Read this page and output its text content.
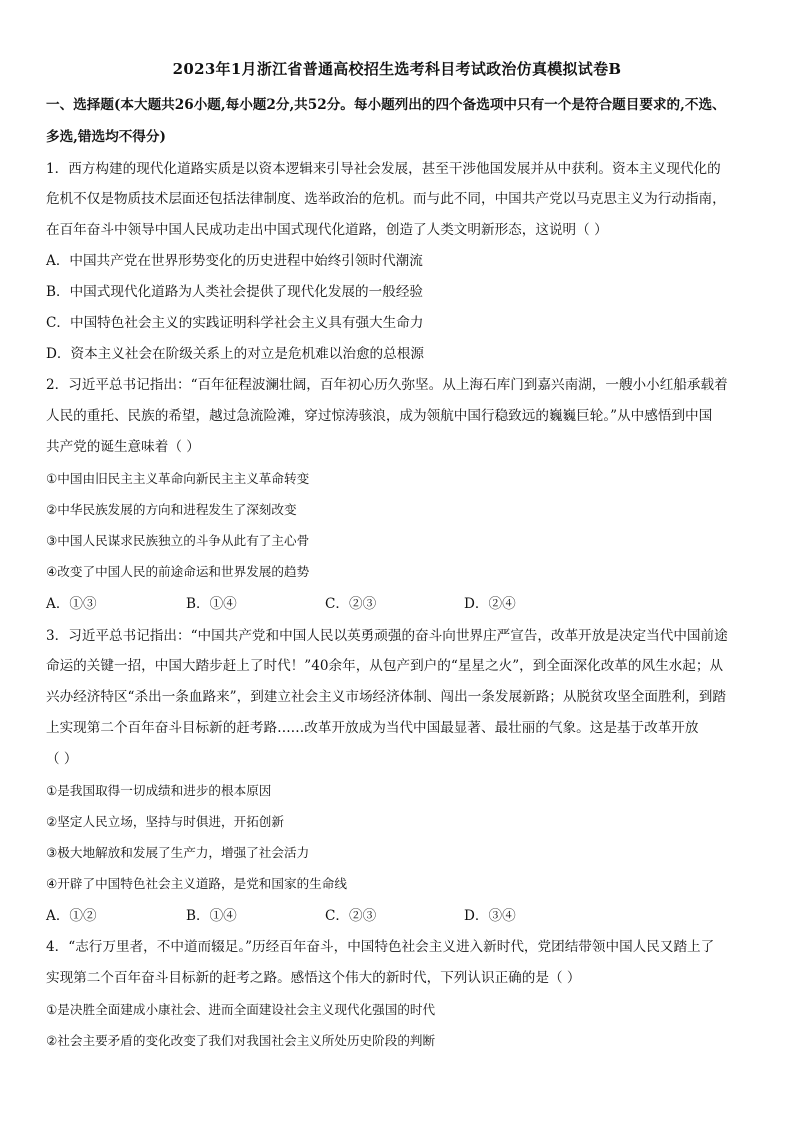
2023年1月浙江省普通高校招生选考科目考试政治仿真模拟试卷B
一、选择题(本大题共26小题,每小题2分,共52分。每小题列出的四个备选项中只有一个是符合题目要求的,不选、
多选,错选均不得分)
1．西方构建的现代化道路实质是以资本逻辑来引导社会发展，甚至干涉他国发展并从中获利。资本主义现代化的
危机不仅是物质技术层面还包括法律制度、选举政治的危机。而与此不同，中国共产党以马克思主义为行动指南，
在百年奋斗中领导中国人民成功走出中国式现代化道路，创造了人类文明新形态，这说明（ ）
A．中国共产党在世界形势变化的历史进程中始终引领时代潮流
B．中国式现代化道路为人类社会提供了现代化发展的一般经验
C．中国特色社会主义的实践证明科学社会主义具有强大生命力
D．资本主义社会在阶级关系上的对立是危机难以治愈的总根源
2．习近平总书记指出：“百年征程波澜壮阔，百年初心历久弥坚。从上海石库门到嘉兴南湖，一艘小小红船承载着
人民的重托、民族的希望，越过急流险滩，穿过惊涛骇浪，成为领航中国行稳致远的巍巍巨轮。”从中感悟到中国
共产党的诞生意味着（ ）
①中国由旧民主主义革命向新民主主义革命转变
②中华民族发展的方向和进程发生了深刻改变
③中国人民谋求民族独立的斗争从此有了主心骨
④改变了中国人民的前途命运和世界发展的趋势
A．①③	B．①④	C．②③	D．②④
3．习近平总书记指出：“中国共产党和中国人民以英勇顽强的奋斗向世界庄严宣告，改革开放是决定当代中国前途
命运的关键一招，中国大踏步赶上了时代！”40余年，从包产到户的“星星之火”，到全面深化改革的风生水起；从
兴办经济特区“杀出一条血路来”，到建立社会主义市场经济体制、闯出一条发展新路；从脱贫攻坚全面胜利，到踏
上实现第二个百年奋斗目标新的赶考路……改革开放成为当代中国最显著、最壮丽的气象。这是基于改革开放
（ ）
①是我国取得一切成绩和进步的根本原因
②坚定人民立场，坚持与时俱进，开拓创新
③极大地解放和发展了生产力，增强了社会活力
④开辟了中国特色社会主义道路，是党和国家的生命线
A．①②	B．①④	C．②③	D．③④
4．“志行万里者，不中道而辍足。”历经百年奋斗，中国特色社会主义进入新时代，党团结带领中国人民又踏上了
实现第二个百年奋斗目标新的赶考之路。感悟这个伟大的新时代，下列认识正确的是（ ）
①是决胜全面建成小康社会、进而全面建设社会主义现代化强国的时代
②社会主要矛盾的变化改变了我们对我国社会主义所处历史阶段的判断
